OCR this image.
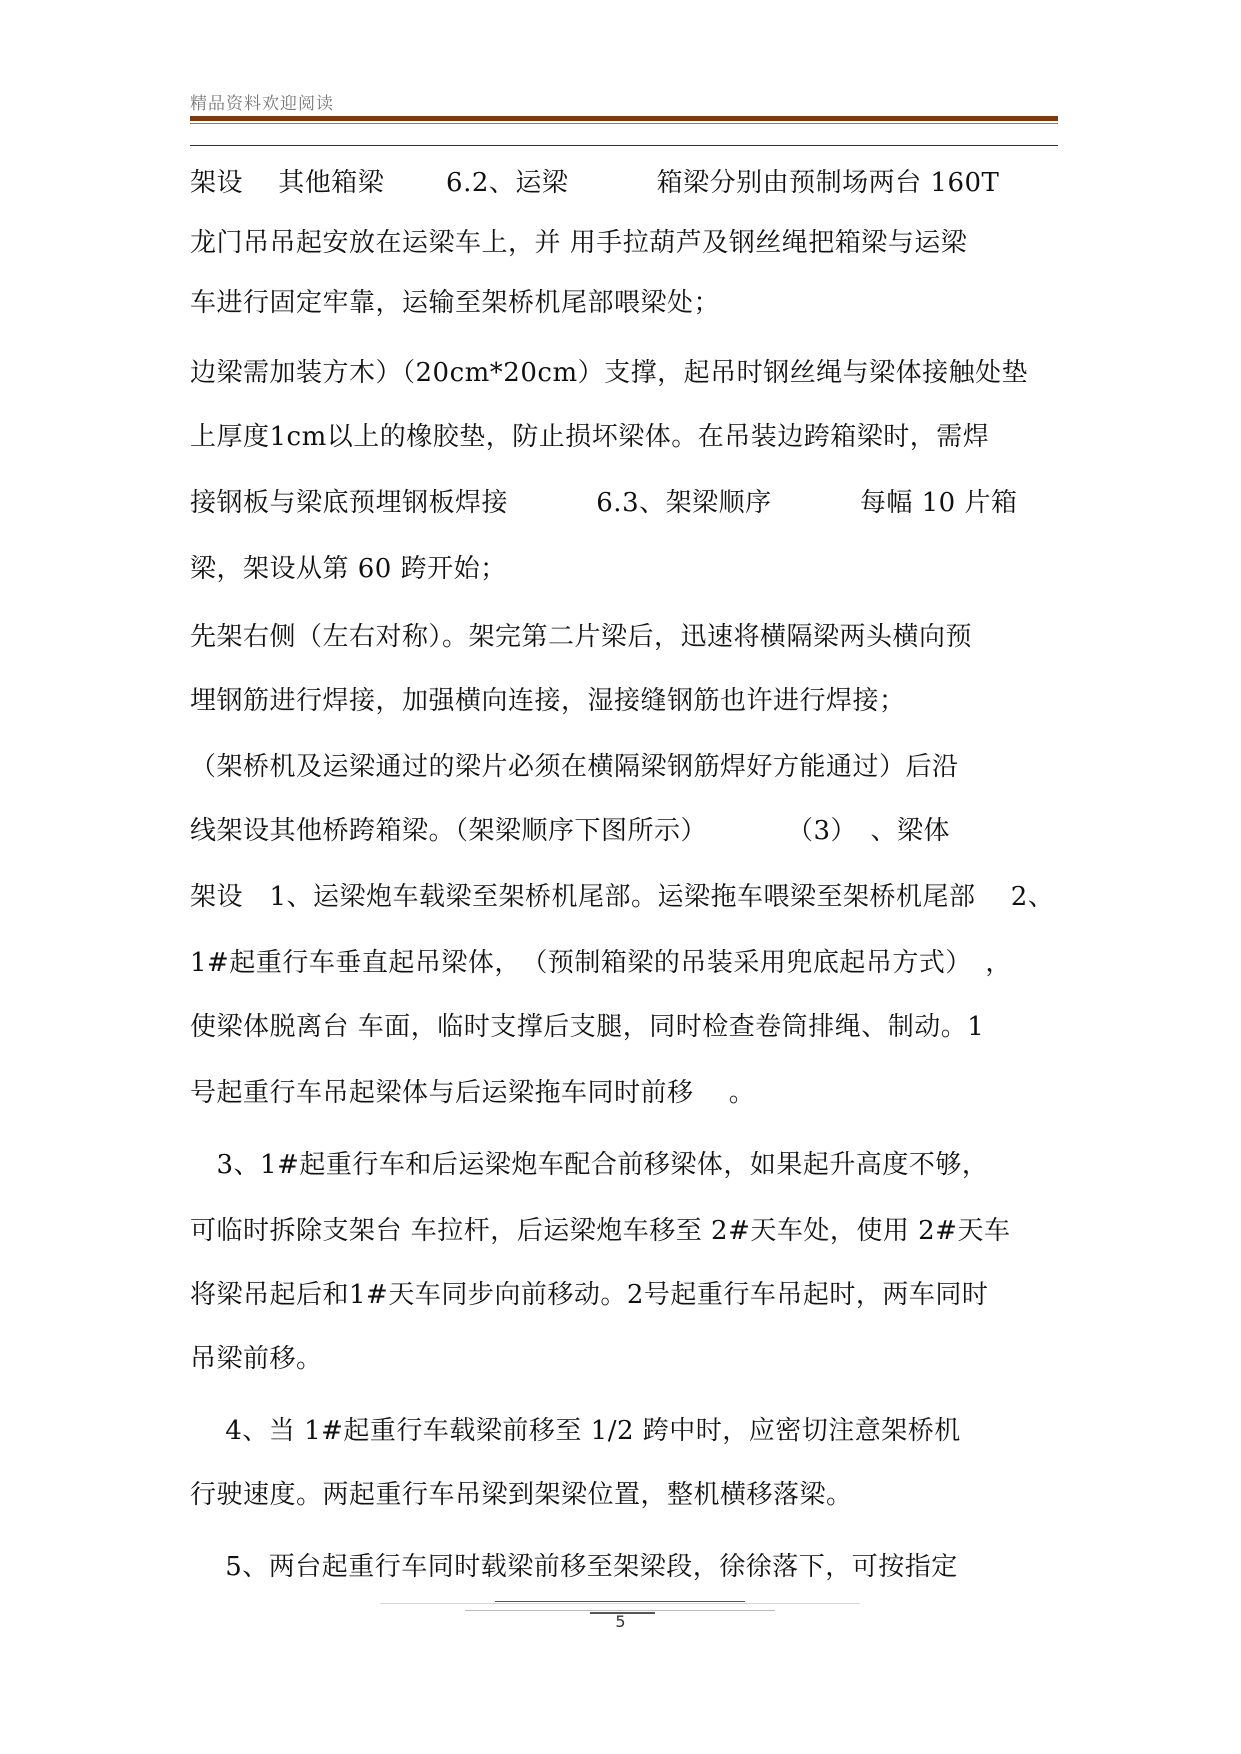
精品资料欢迎阅读
架设　 其他箱梁　　 6.2、运梁　　　 箱梁分别由预制场两台 160T
龙门吊吊起安放在运梁车上，并 用手拉葫芦及钢丝绳把箱梁与运梁
车进行固定牢靠，运输至架桥机尾部喂梁处；
边梁需加装方木）（20cm*20cm）支撑，起吊时钢丝绳与梁体接触处垫
上厚度1cm以上的橡胶垫，防止损坏梁体。在吊装边跨箱梁时，需焊
接钢板与梁底预埋钢板焊接　　　 6.3、架梁顺序　　　 每幅 10 片箱
梁，架设从第 60 跨开始；
先架右侧（左右对称）。架完第二片梁后，迅速将横隔梁两头横向预
埋钢筋进行焊接，加强横向连接，湿接缝钢筋也许进行焊接；
（架桥机及运梁通过的梁片必须在横隔梁钢筋焊好方能通过）后沿
线架设其他桥跨箱梁。（架梁顺序下图所示）　　　　（3）　、梁体
架设　1、运梁炮车载梁至架桥机尾部。运梁拖车喂梁至架桥机尾部　 2、
1#起重行车垂直起吊梁体，　（预制箱梁的吊装采用兜底起吊方式）　，
使梁体脱离台 车面，临时支撑后支腿，同时检查卷筒排绳、制动。1
号起重行车吊起梁体与后运梁拖车同时前移　 。
　3、1#起重行车和后运梁炮车配合前移梁体，如果起升高度不够，
可临时拆除支架台 车拉杆，后运梁炮车移至 2#天车处，使用 2#天车
将梁吊起后和1#天车同步向前移动。2号起重行车吊起时，两车同时
吊梁前移。
　 4、当 1#起重行车载梁前移至 1/2 跨中时，应密切注意架桥机
行驶速度。两起重行车吊梁到架梁位置，整机横移落梁。
　 5、两台起重行车同时载梁前移至架梁段，徐徐落下，可按指定
5
